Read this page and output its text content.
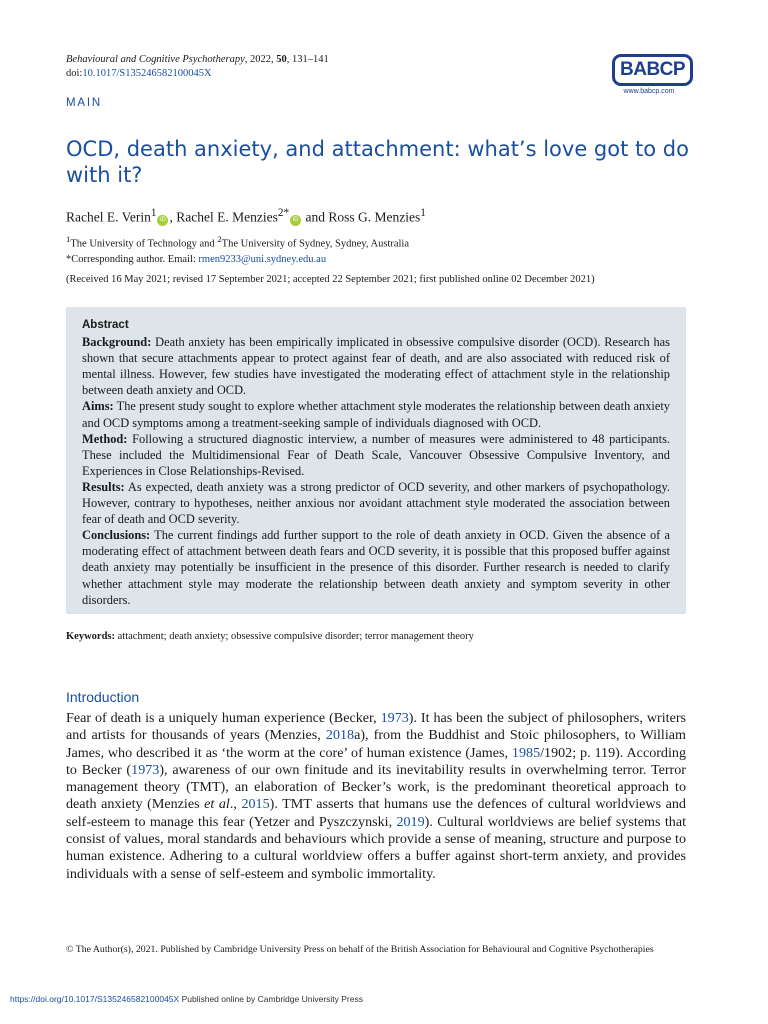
Behavioural and Cognitive Psychotherapy, 2022, 50, 131–141
doi:10.1017/S135246582100045X	BABCP
www.babcp.com
MAIN
OCD, death anxiety, and attachment: what’s love got to do with it?
Rachel E. Verin$^1$iD , Rachel E. Menzies$^{2*}$iD and Ross G. Menzies$^1$
$^1$The University of Technology and $^2$The University of Sydney, Sydney, Australia
*Corresponding author. Email: rmen9233@uni.sydney.edu.au
(Received 16 May 2021; revised 17 September 2021; accepted 22 September 2021; first published online 02 December 2021)
Abstract

Background: Death anxiety has been empirically implicated in obsessive compulsive disorder (OCD). Research has shown that secure attachments appear to protect against fear of death, and are also associated with reduced risk of mental illness. However, few studies have investigated the moderating effect of attachment style in the relationship between death anxiety and OCD.

Aims: The present study sought to explore whether attachment style moderates the relationship between death anxiety and OCD symptoms among a treatment-seeking sample of individuals diagnosed with OCD.

Method: Following a structured diagnostic interview, a number of measures were administered to 48 participants. These included the Multidimensional Fear of Death Scale, Vancouver Obsessive Compulsive Inventory, and Experiences in Close Relationships-Revised.

Results: As expected, death anxiety was a strong predictor of OCD severity, and other markers of psychopathology. However, contrary to hypotheses, neither anxious nor avoidant attachment style moderated the association between fear of death and OCD severity.

Conclusions: The current findings add further support to the role of death anxiety in OCD. Given the absence of a moderating effect of attachment between death fears and OCD severity, it is possible that this proposed buffer against death anxiety may potentially be insufficient in the presence of this disorder. Further research is needed to clarify whether attachment style may moderate the relationship between death anxiety and symptom severity in other disorders.

Keywords: attachment; death anxiety; obsessive compulsive disorder; terror management theory
Introduction

Fear of death is a uniquely human experience (Becker, 1973). It has been the subject of philosophers, writers and artists for thousands of years (Menzies, 2018a), from the Buddhist and Stoic philosophers, to William James, who described it as ‘the worm at the core’ of human existence (James, 1985/1902; p. 119). According to Becker (1973), awareness of our own finitude and its inevitability results in overwhelming terror. Terror management theory (TMT), an elaboration of Becker’s work, is the predominant theoretical approach to death anxiety (Menzies et al., 2015). TMT asserts that humans use the defences of cultural worldviews and self-esteem to manage this fear (Yetzer and Pyszczynski, 2019). Cultural worldviews are belief systems that consist of values, moral standards and behaviours which provide a sense of meaning, structure and purpose to human existence. Adhering to a cultural worldview offers a buffer against short-term anxiety, and provides individuals with a sense of self-esteem and symbolic immortality.

© The Author(s), 2021. Published by Cambridge University Press on behalf of the British Association for Behavioural and Cognitive Psychotherapies
https://doi.org/10.1017/S135246582100045X Published online by Cambridge University Press
